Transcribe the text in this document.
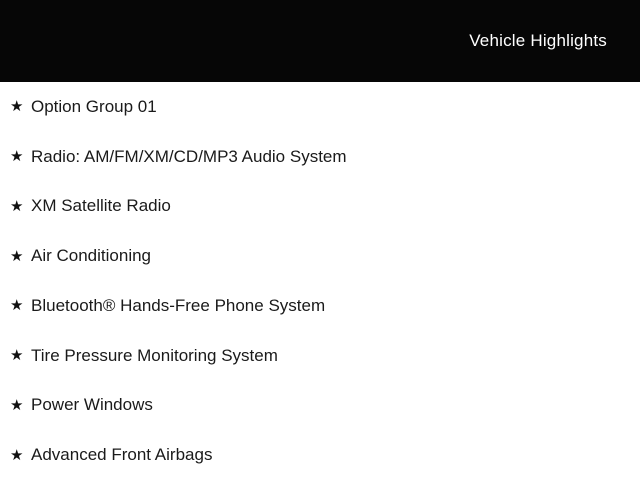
Vehicle Highlights
★ Option Group 01
★ Radio: AM/FM/XM/CD/MP3 Audio System
★ XM Satellite Radio
★ Air Conditioning
★ Bluetooth® Hands-Free Phone System
★ Tire Pressure Monitoring System
★ Power Windows
★ Advanced Front Airbags
